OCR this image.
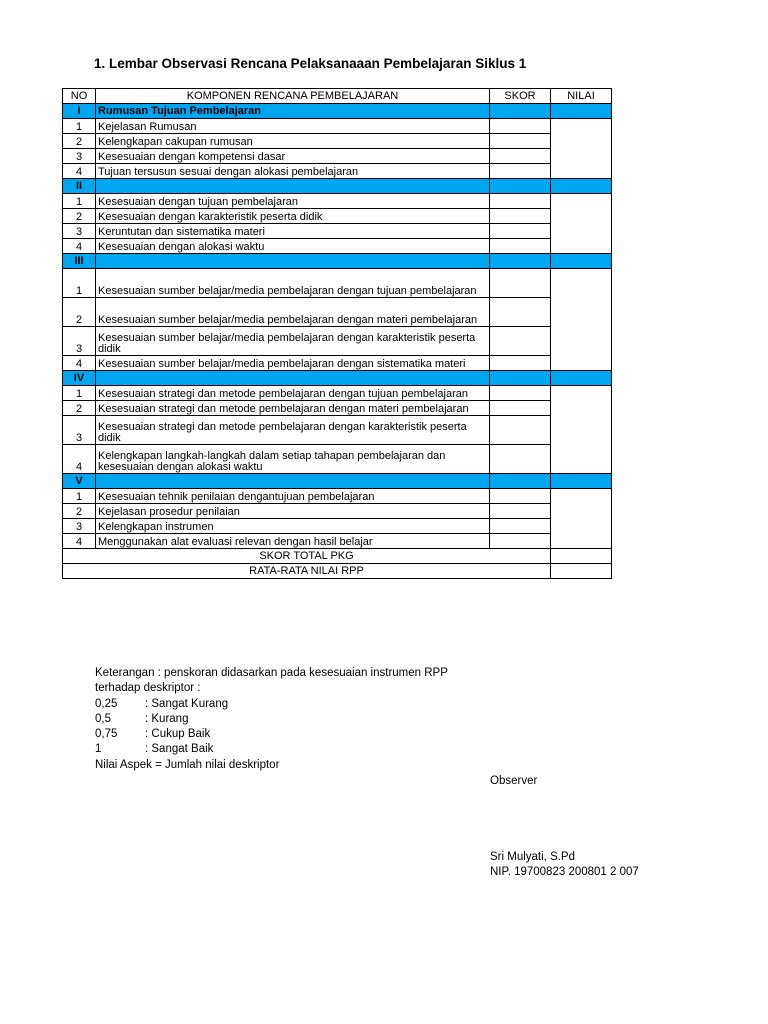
1. Lembar Observasi Rencana Pelaksanaaan Pembelajaran Siklus 1
NO	KOMPONEN RENCANA PEMBELAJARAN	SKOR	NILAI
I	Rumusan Tujuan Pembelajaran		
1	Kejelasan Rumusan		
2	Kelengkapan cakupan rumusan		
3	Kesesuaian dengan kompetensi dasar		
4	Tujuan tersusun sesuai dengan alokasi pembelajaran		
II			
1	Kesesuaian dengan tujuan pembelajaran		
2	Kesesuaian dengan karakteristik peserta didik		
3	Keruntutan dan sistematika materi		
4	Kesesuaian dengan alokasi waktu		
III			
1	Kesesuaian sumber belajar/media pembelajaran dengan tujuan pembelajaran		
2	Kesesuaian sumber belajar/media pembelajaran dengan materi pembelajaran		
3	Kesesuaian sumber belajar/media pembelajaran dengan karakteristik peserta didik		
4	Kesesuaian sumber belajar/media pembelajaran dengan sistematika materi		
IV			
1	Kesesuaian strategi dan metode pembelajaran dengan tujuan pembelajaran		
2	Kesesuaian strategi dan metode pembelajaran dengan materi pembelajaran		
3	Kesesuaian strategi dan metode pembelajaran dengan karakteristik peserta didik		
4	Kelengkapan langkah-langkah dalam setiap tahapan pembelajaran dan kesesuaian dengan alokasi waktu		
V			
1	Kesesuaian tehnik penilaian dengantujuan pembelajaran		
2	Kejelasan prosedur penilaian		
3	Kelengkapan instrumen		
4	Menggunakan alat evaluasi relevan dengan hasil belajar		
SKOR TOTAL PKG			
RATA-RATA NILAI RPP			
Keterangan : penskoran didasarkan pada kesesuaian instrumen RPP
terhadap deskriptor :
0,25 : Sangat Kurang
0,5	: Kurang
0,75 : Cukup Baik
1	: Sangat Baik
Nilai Aspek = Jumlah nilai deskriptor
Observer
Sri Mulyati, S.Pd
NIP. 19700823 200801 2 007
